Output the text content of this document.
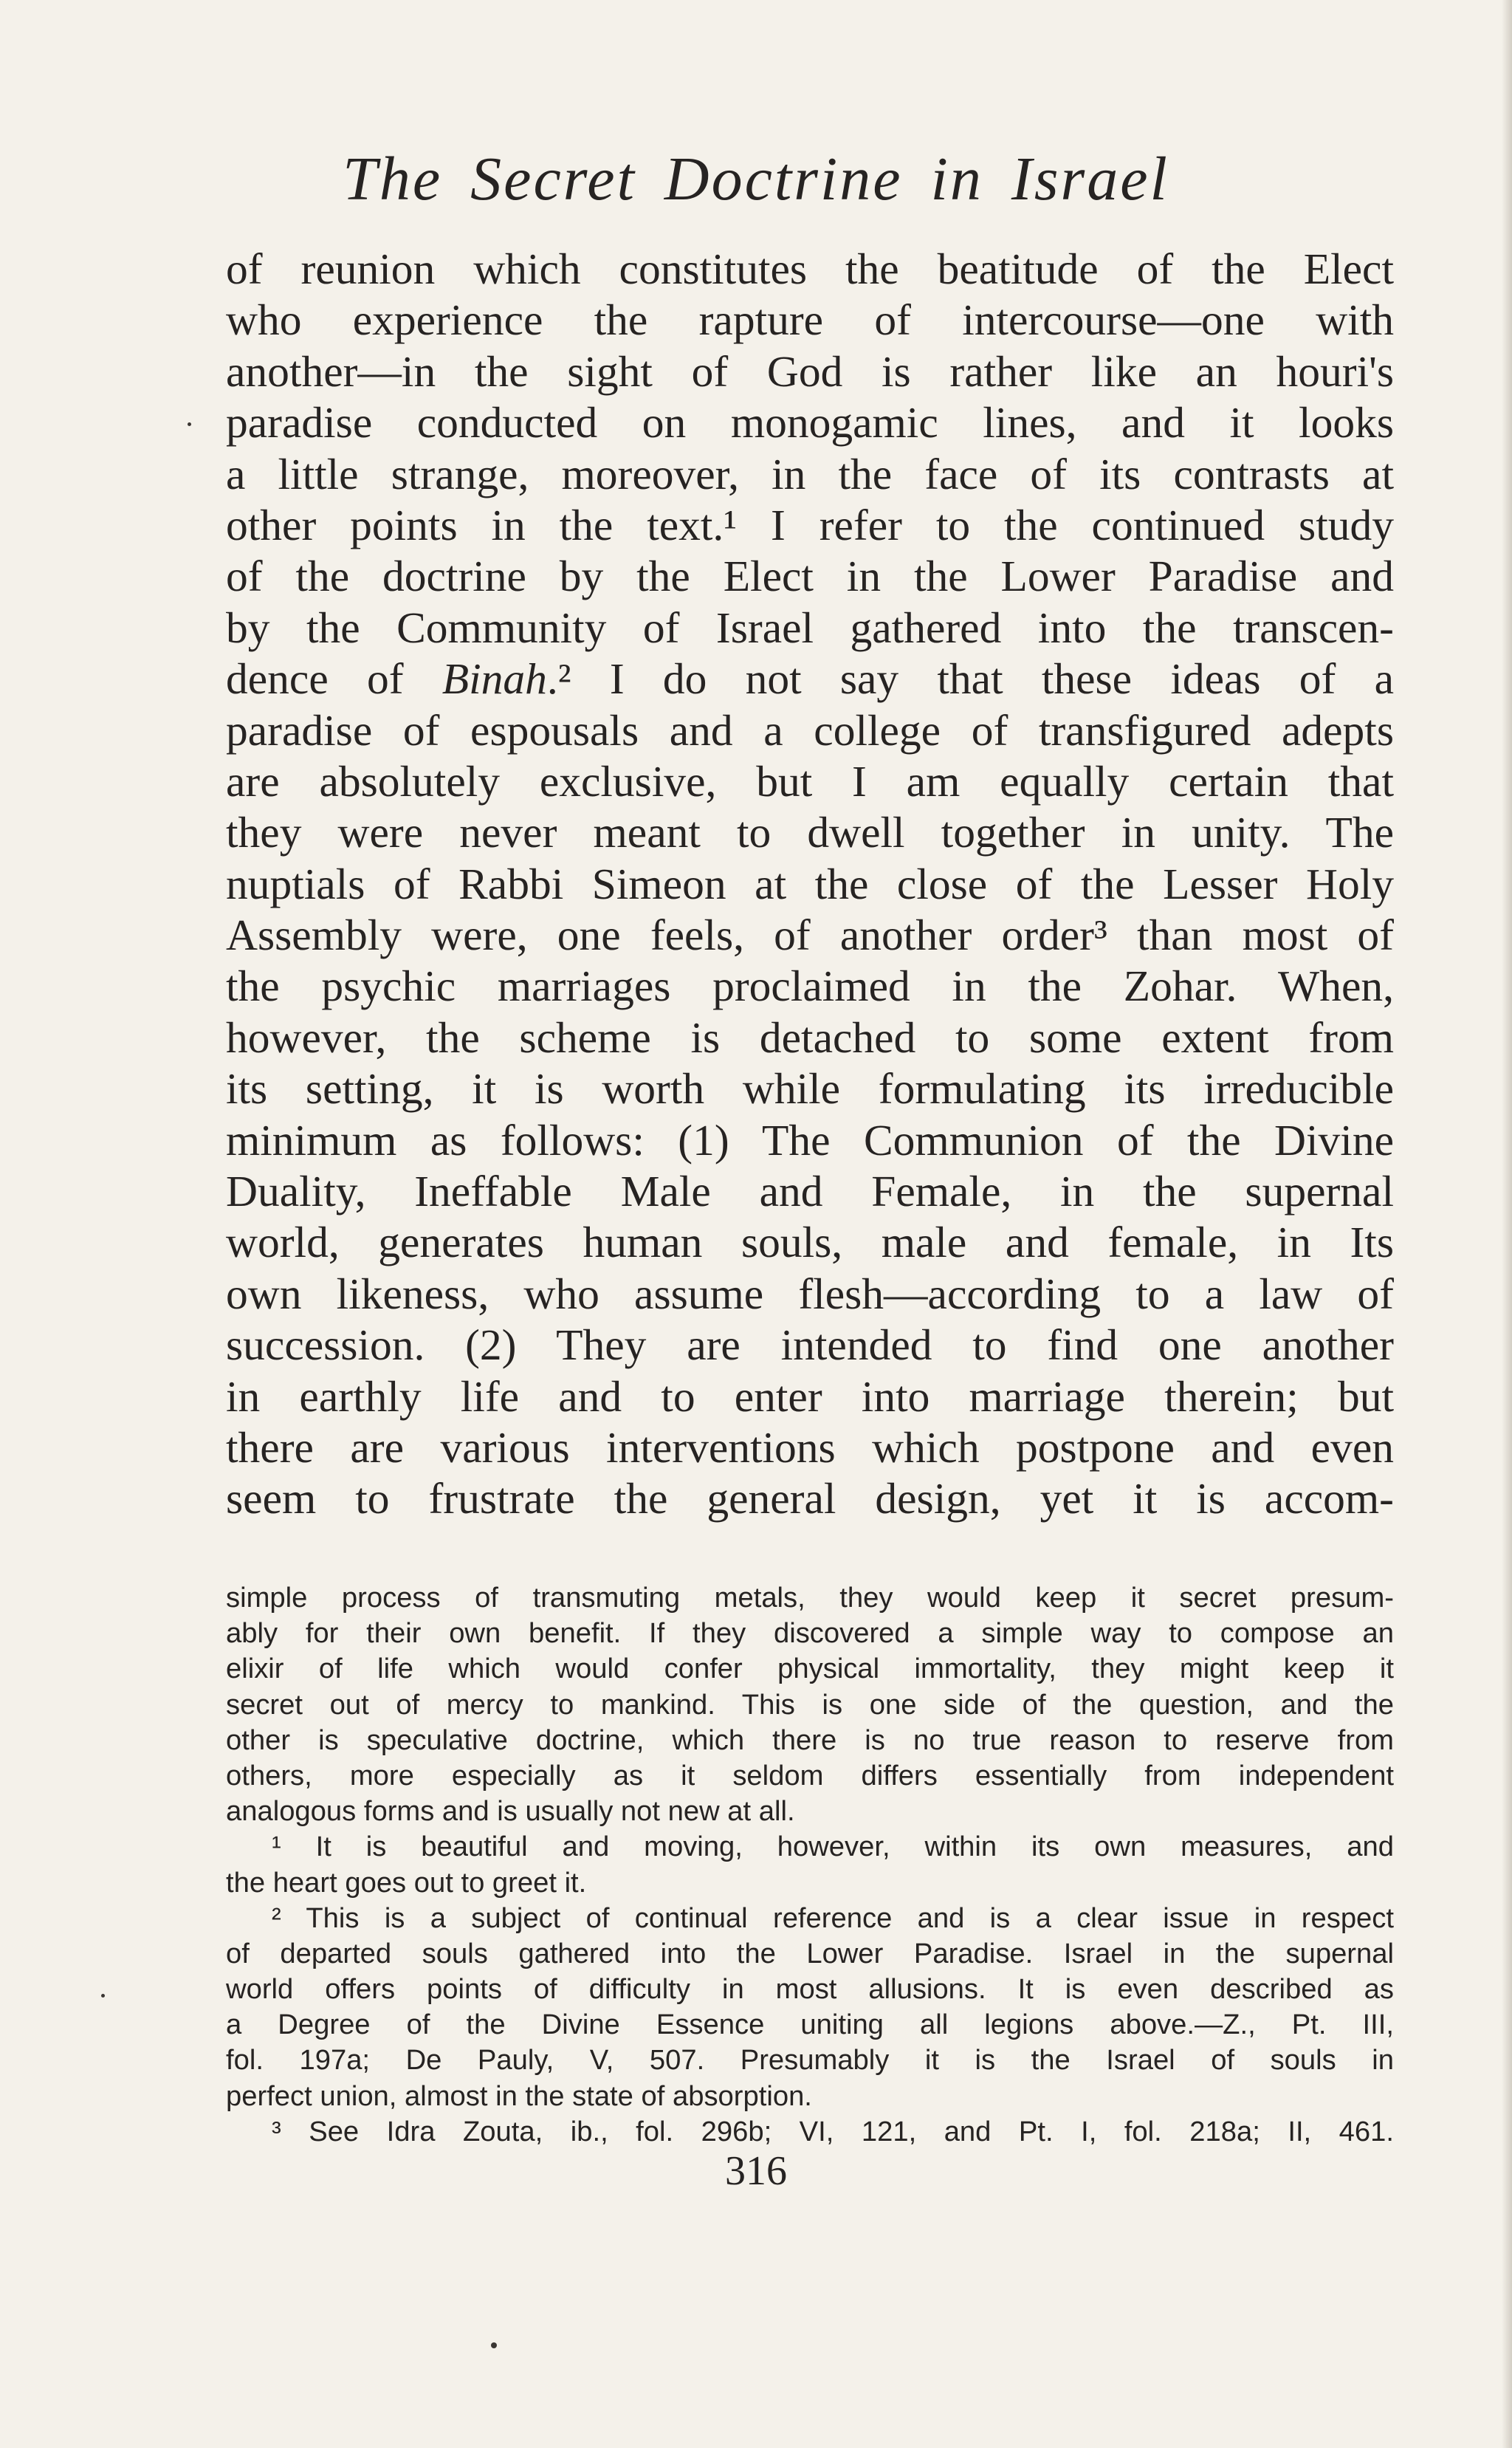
The Secret Doctrine in Israel
of reunion which constitutes the beatitude of the Elect
who experience the rapture of intercourse—one with
another—in the sight of God is rather like an houri's
paradise conducted on monogamic lines, and it looks
a little strange, moreover, in the face of its contrasts at
other points in the text.¹ I refer to the continued study
of the doctrine by the Elect in the Lower Paradise and
by the Community of Israel gathered into the transcen-
dence of Binah.² I do not say that these ideas of a
paradise of espousals and a college of transfigured adepts
are absolutely exclusive, but I am equally certain that
they were never meant to dwell together in unity. The
nuptials of Rabbi Simeon at the close of the Lesser Holy
Assembly were, one feels, of another order³ than most of
the psychic marriages proclaimed in the Zohar. When,
however, the scheme is detached to some extent from
its setting, it is worth while formulating its irreducible
minimum as follows: (1) The Communion of the Divine
Duality, Ineffable Male and Female, in the supernal
world, generates human souls, male and female, in Its
own likeness, who assume flesh—according to a law of
succession. (2) They are intended to find one another
in earthly life and to enter into marriage therein; but
there are various interventions which postpone and even
seem to frustrate the general design, yet it is accom-
simple process of transmuting metals, they would keep it secret presum-
ably for their own benefit. If they discovered a simple way to compose an
elixir of life which would confer physical immortality, they might keep it
secret out of mercy to mankind. This is one side of the question, and the
other is speculative doctrine, which there is no true reason to reserve from
others, more especially as it seldom differs essentially from independent
analogous forms and is usually not new at all.
¹ It is beautiful and moving, however, within its own measures, and
the heart goes out to greet it.
² This is a subject of continual reference and is a clear issue in respect
of departed souls gathered into the Lower Paradise. Israel in the supernal
world offers points of difficulty in most allusions. It is even described as
a Degree of the Divine Essence uniting all legions above.—Z., Pt. III,
fol. 197a; De Pauly, V, 507. Presumably it is the Israel of souls in
perfect union, almost in the state of absorption.
³ See Idra Zouta, ib., fol. 296b; VI, 121, and Pt. I, fol. 218a; II, 461.
316
